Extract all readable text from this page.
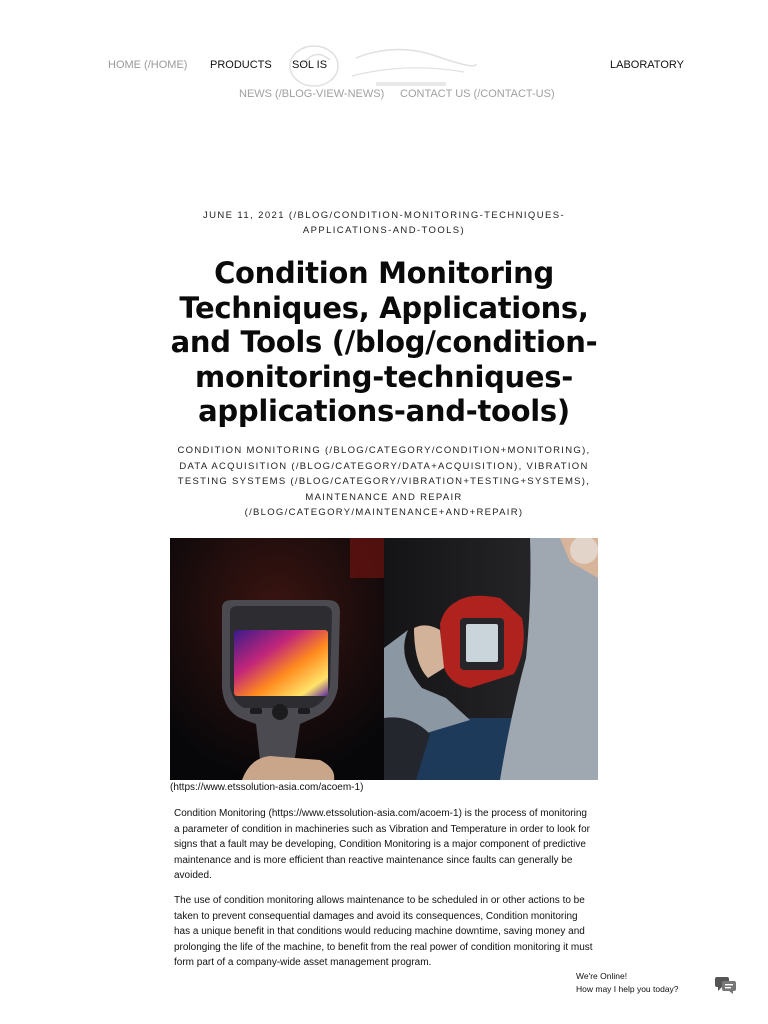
HOME (/HOME) PRODUCTS SOL IS	LABORATORY
NEWS (/BLOG-VIEW-NEWS) CONTACT US (/CONTACT-US)
JUNE 11, 2021 (/BLOG/CONDITION-MONITORING-TECHNIQUES-APPLICATIONS-AND-TOOLS)
Condition Monitoring Techniques, Applications, and Tools (/blog/condition-monitoring-techniques-applications-and-tools)
CONDITION MONITORING (/BLOG/CATEGORY/CONDITION+MONITORING), DATA ACQUISITION (/BLOG/CATEGORY/DATA+ACQUISITION), VIBRATION TESTING SYSTEMS (/BLOG/CATEGORY/VIBRATION+TESTING+SYSTEMS), MAINTENANCE AND REPAIR (/BLOG/CATEGORY/MAINTENANCE+AND+REPAIR)
(https://www.etssolution-asia.com/acoem-1)

Condition Monitoring (https://www.etssolution-asia.com/acoem-1) is the process of monitoring a parameter of condition in machineries such as Vibration and Temperature in order to look for signs that a fault may be developing, Condition Monitoring is a major component of predictive maintenance and is more efficient than reactive maintenance since faults can generally be avoided.

The use of condition monitoring allows maintenance to be scheduled in or other actions to be taken to prevent consequential damages and avoid its consequences, Condition monitoring has a unique benefit in that conditions would reducing machine downtime, saving money and prolonging the life of the machine, to benefit from the real power of condition monitoring it must form part of a company-wide asset management program.

We're Online!
How may I help you today?
